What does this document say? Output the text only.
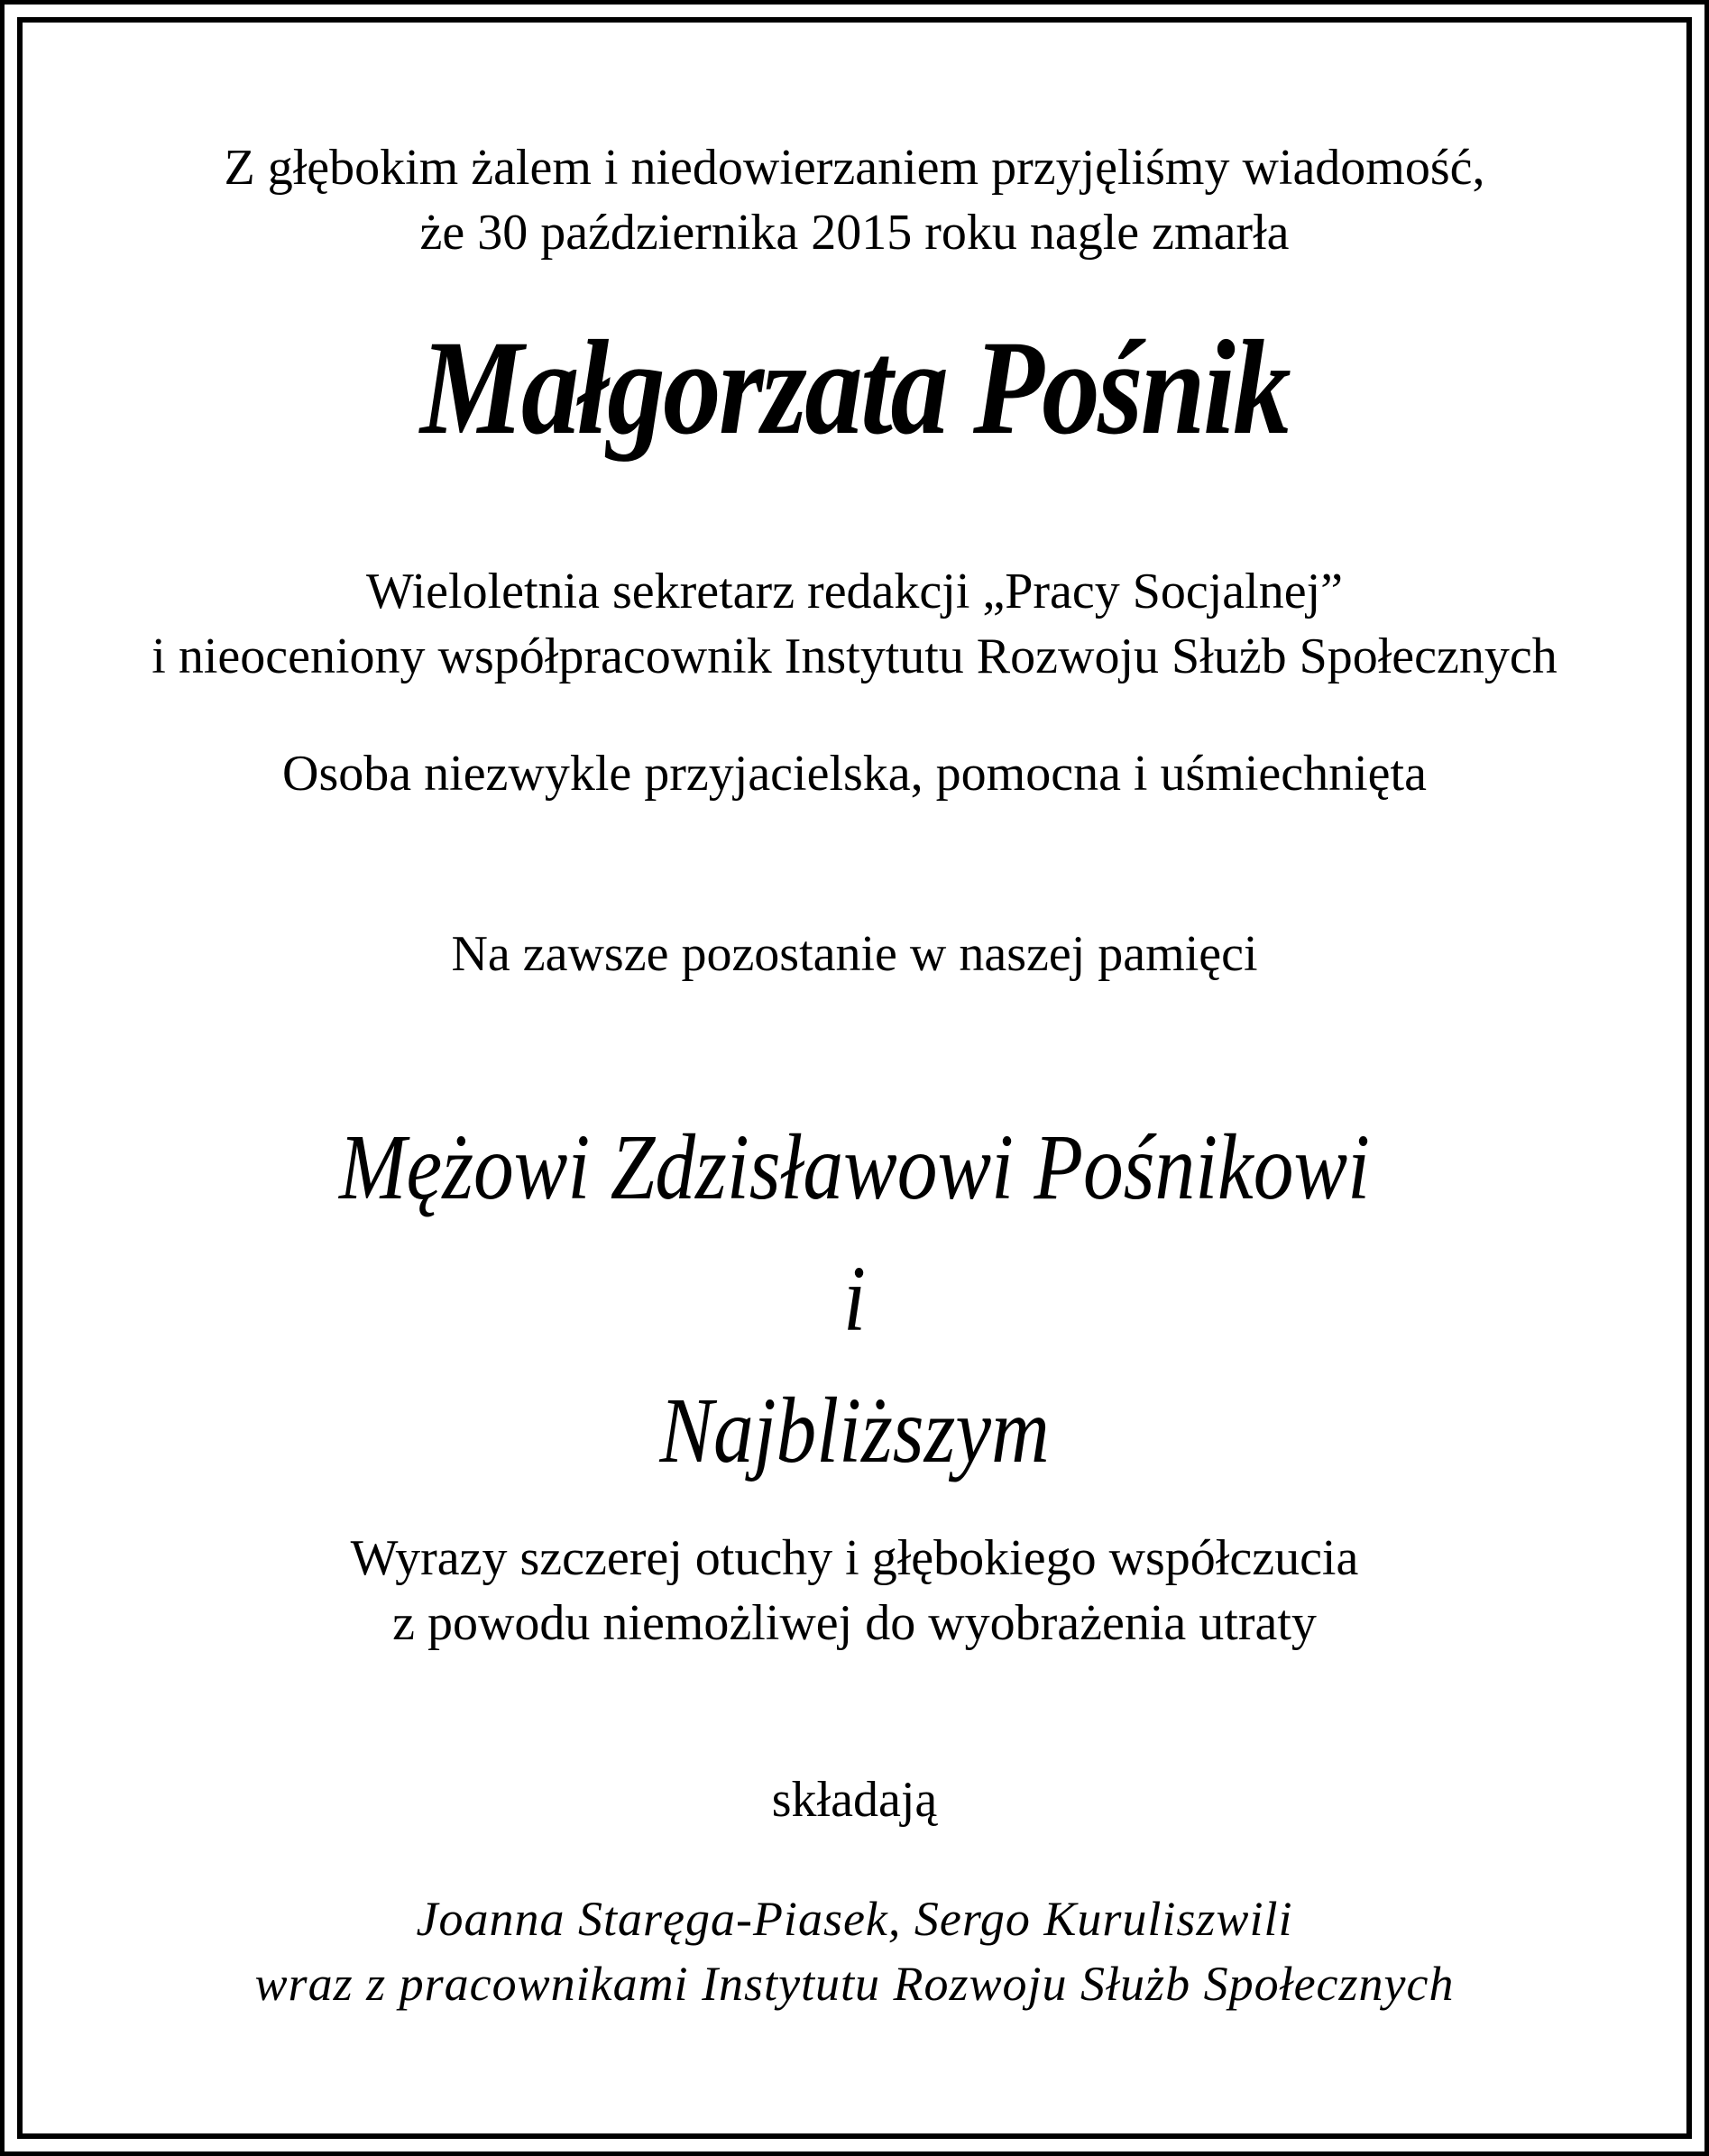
Z głębokim żalem i niedowierzaniem przyjęliśmy wiadomość,
że 30 października 2015 roku nagle zmarła
Małgorzata Pośnik
Wieloletnia sekretarz redakcji „Pracy Socjalnej”
i nieoceniony współpracownik Instytutu Rozwoju Służb Społecznych
Osoba niezwykle przyjacielska, pomocna i uśmiechnięta
Na zawsze pozostanie w naszej pamięci
Mężowi Zdzisławowi Pośnikowi
i
Najbliższym
Wyrazy szczerej otuchy i głębokiego współczucia
z powodu niemożliwej do wyobrażenia utraty
składają
Joanna Staręga-Piasek, Sergo Kuruliszwili
wraz z pracownikami Instytutu Rozwoju Służb Społecznych
